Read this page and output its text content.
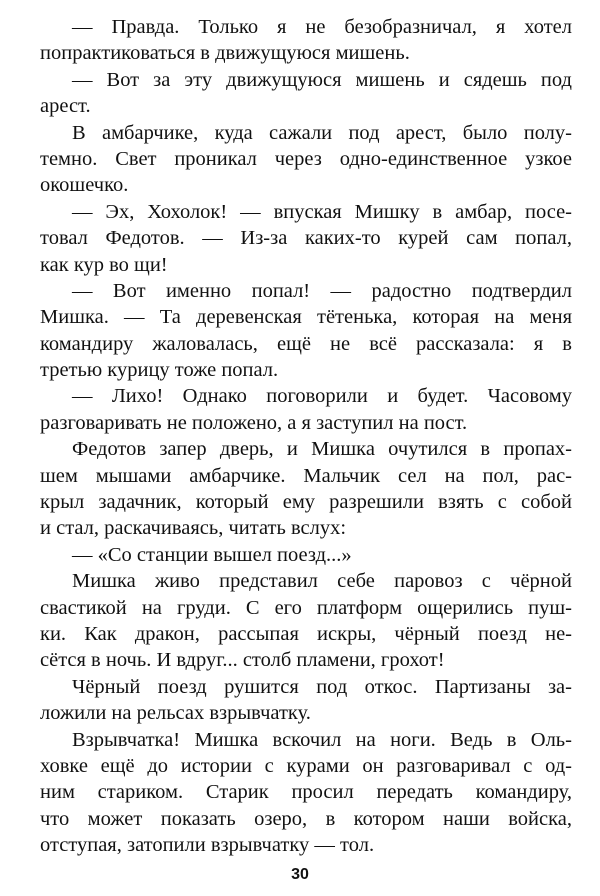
— Правда. Только я не безобразничал, я хотел
попрактиковаться в движущуюся мишень.
— Вот за эту движущуюся мишень и сядешь под
арест.
В амбарчике, куда сажали под арест, было полу-
темно. Свет проникал через одно-единственное узкое
окошечко.
— Эх, Хохолок! — впуская Мишку в амбар, посе-
товал Федотов. — Из-за каких-то курей сам попал,
как кур во щи!
— Вот именно попал! — радостно подтвердил
Мишка. — Та деревенская тётенька, которая на меня
командиру жаловалась, ещё не всё рассказала: я в
третью курицу тоже попал.
— Лихо! Однако поговорили и будет. Часовому
разговаривать не положено, а я заступил на пост.
Федотов запер дверь, и Мишка очутился в пропах-
шем мышами амбарчике. Мальчик сел на пол, рас-
крыл задачник, который ему разрешили взять с собой
и стал, раскачиваясь, читать вслух:
— «Со станции вышел поезд...»
Мишка живо представил себе паровоз с чёрной
свастикой на груди. С его платформ ощерились пуш-
ки. Как дракон, рассыпая искры, чёрный поезд не-
сётся в ночь. И вдруг... столб пламени, грохот!
Чёрный поезд рушится под откос. Партизаны за-
ложили на рельсах взрывчатку.
Взрывчатка! Мишка вскочил на ноги. Ведь в Оль-
ховке ещё до истории с курами он разговаривал с од-
ним стариком. Старик просил передать командиру,
что может показать озеро, в котором наши войска,
отступая, затопили взрывчатку — тол.
30
